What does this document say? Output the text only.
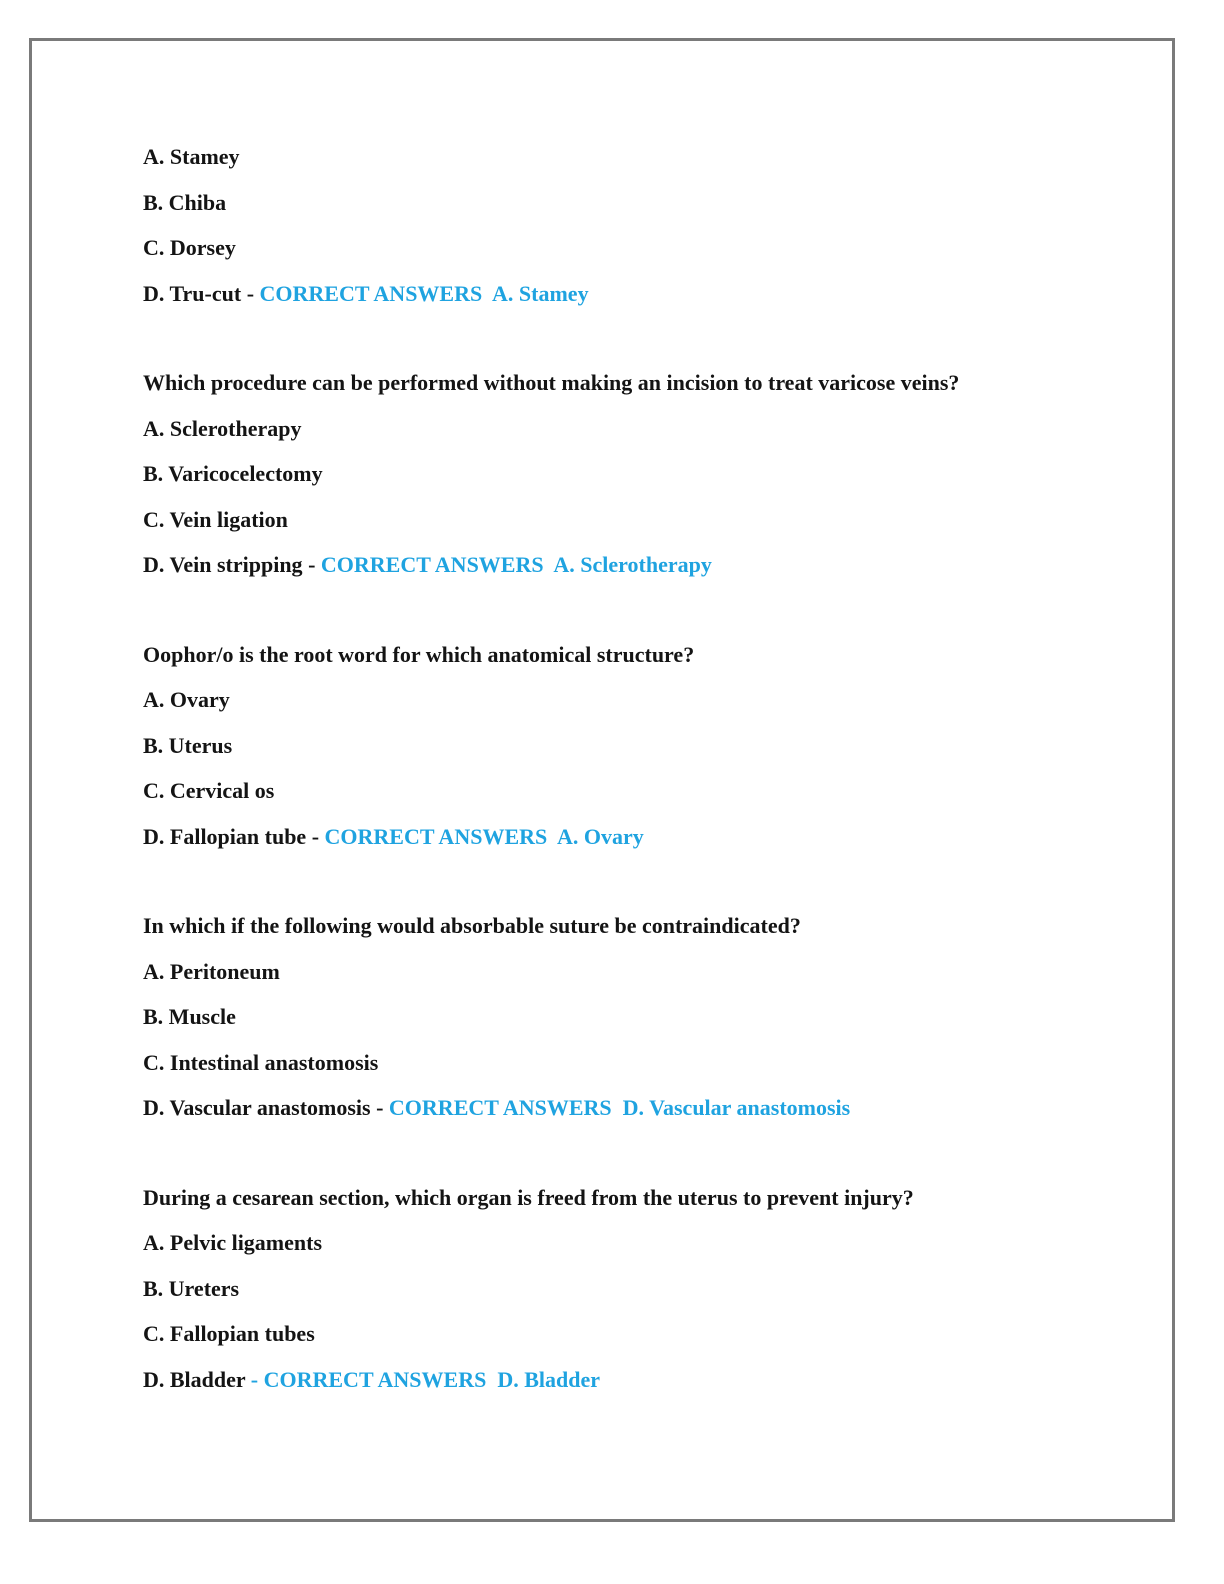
A. Stamey
B. Chiba
C. Dorsey
D. Tru-cut - CORRECT ANSWERS A. Stamey
Which procedure can be performed without making an incision to treat varicose veins?
A. Sclerotherapy
B. Varicocelectomy
C. Vein ligation
D. Vein stripping - CORRECT ANSWERS A. Sclerotherapy
Oophor/o is the root word for which anatomical structure?
A. Ovary
B. Uterus
C. Cervical os
D. Fallopian tube - CORRECT ANSWERS A. Ovary
In which if the following would absorbable suture be contraindicated?
A. Peritoneum
B. Muscle
C. Intestinal anastomosis
D. Vascular anastomosis - CORRECT ANSWERS D. Vascular anastomosis
During a cesarean section, which organ is freed from the uterus to prevent injury?
A. Pelvic ligaments
B. Ureters
C. Fallopian tubes
D. Bladder - CORRECT ANSWERS D. Bladder
